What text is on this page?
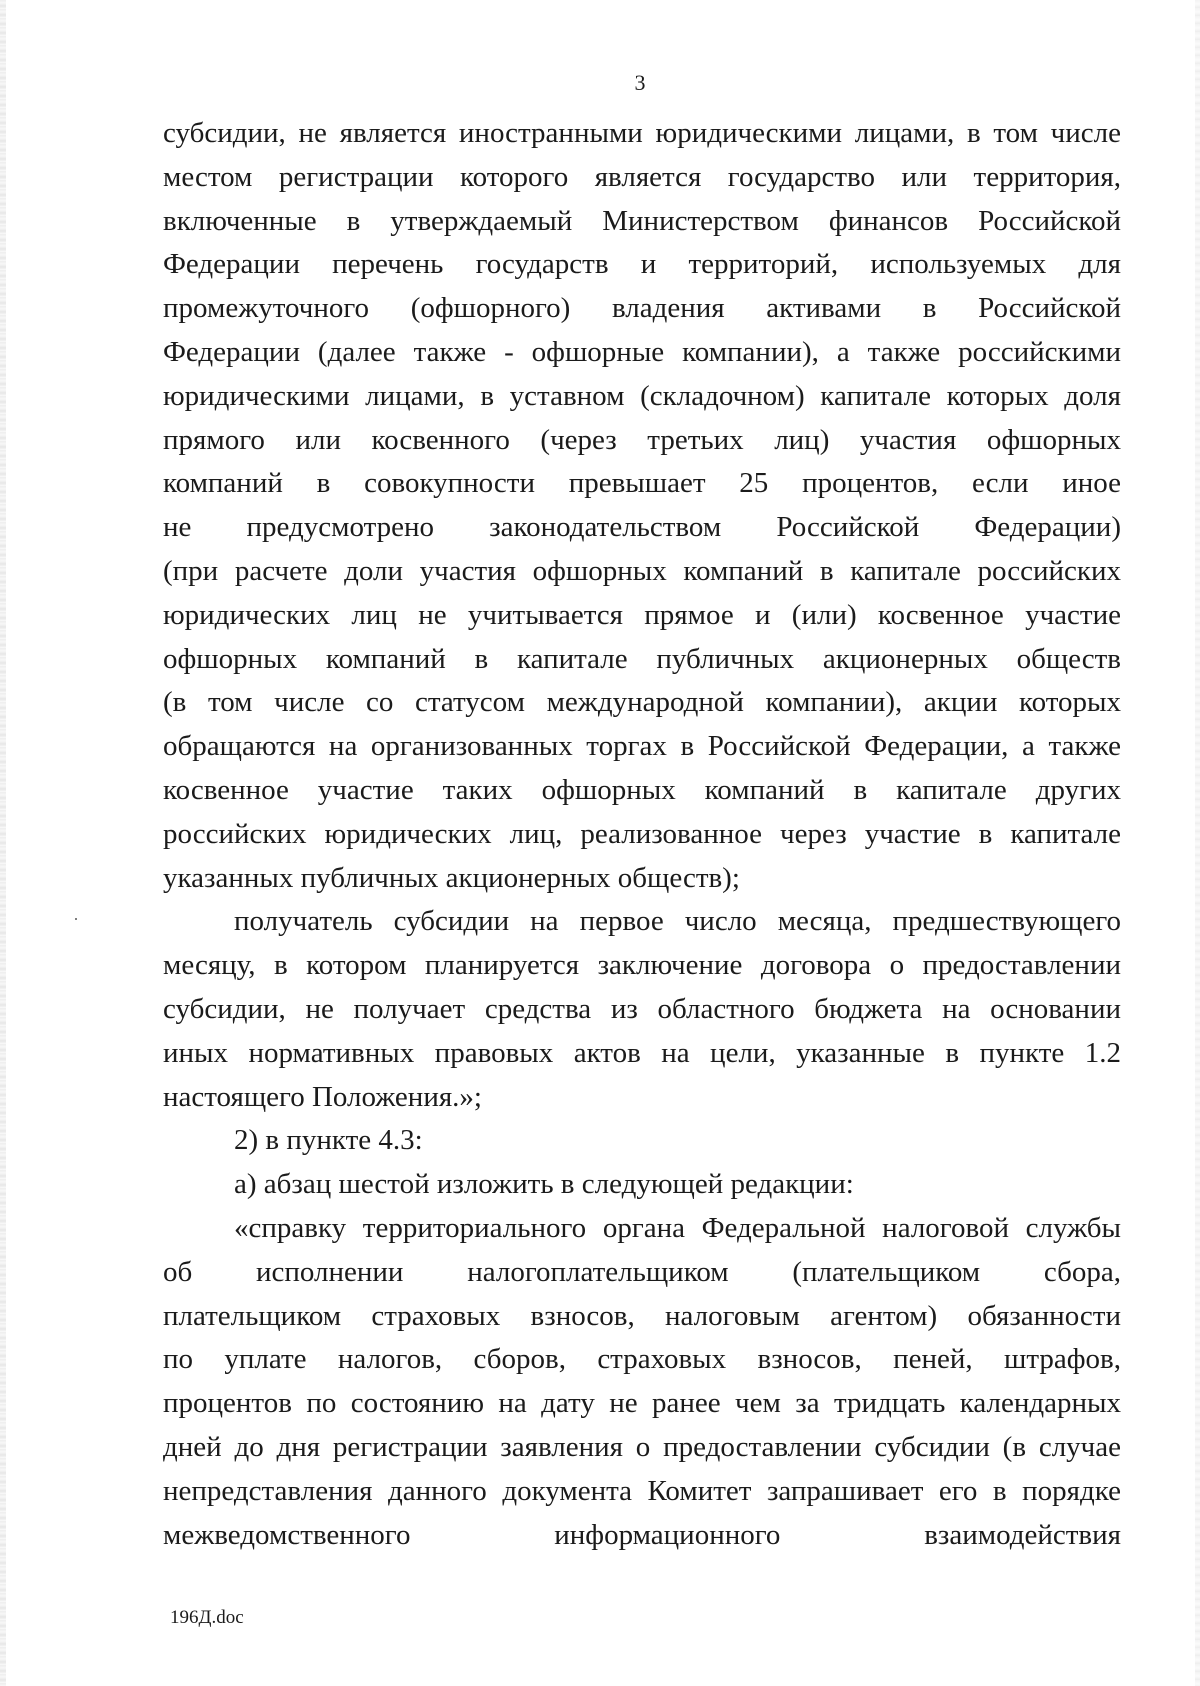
3
субсидии, не является иностранными юридическими лицами, в том числе
местом регистрации которого является государство или территория,
включенные в утверждаемый Министерством финансов Российской
Федерации перечень государств и территорий, используемых для
промежуточного (офшорного) владения активами в Российской
Федерации (далее также - офшорные компании), а также российскими
юридическими лицами, в уставном (складочном) капитале которых доля
прямого или косвенного (через третьих лиц) участия офшорных
компаний в совокупности превышает 25 процентов, если иное
не предусмотрено законодательством Российской Федерации)
(при расчете доли участия офшорных компаний в капитале российских
юридических лиц не учитывается прямое и (или) косвенное участие
офшорных компаний в капитале публичных акционерных обществ
(в том числе со статусом международной компании), акции которых
обращаются на организованных торгах в Российской Федерации, а также
косвенное участие таких офшорных компаний в капитале других
российских юридических лиц, реализованное через участие в капитале
указанных публичных акционерных обществ);
получатель субсидии на первое число месяца, предшествующего
месяцу, в котором планируется заключение договора о предоставлении
субсидии, не получает средства из областного бюджета на основании
иных нормативных правовых актов на цели, указанные в пункте 1.2
настоящего Положения.»;
2) в пункте 4.3:
а) абзац шестой изложить в следующей редакции:
«справку территориального органа Федеральной налоговой службы
об исполнении налогоплательщиком (плательщиком сбора,
плательщиком страховых взносов, налоговым агентом) обязанности
по уплате налогов, сборов, страховых взносов, пеней, штрафов,
процентов по состоянию на дату не ранее чем за тридцать календарных
дней до дня регистрации заявления о предоставлении субсидии (в случае
непредставления данного документа Комитет запрашивает его в порядке
межведомственного информационного взаимодействия
196Д.doc
